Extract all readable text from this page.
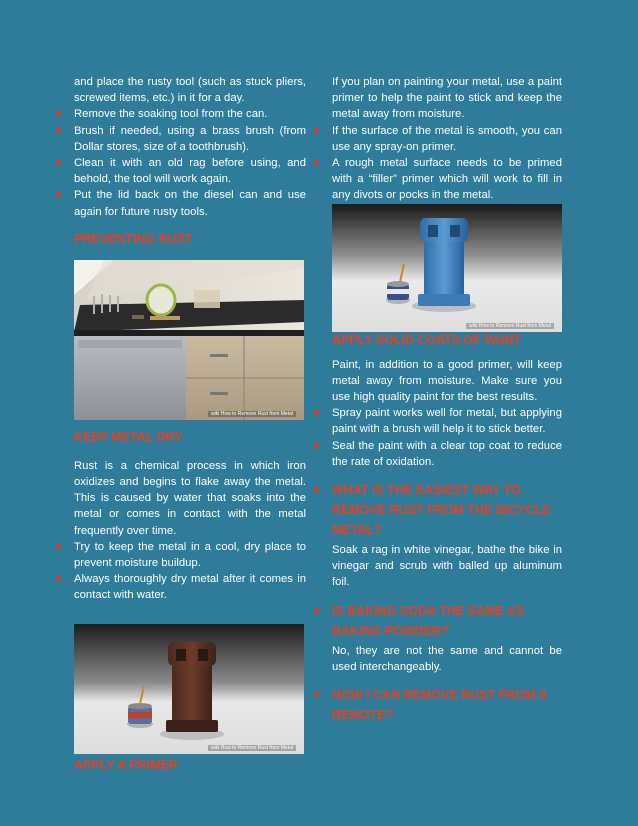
and place the rusty tool (such as stuck pliers, screwed items, etc.) in it for a day.

Remove the soaking tool from the can.
Brush if needed, using a brass brush (from Dollar stores, size of a toothbrush).
Clean it with an old rag before using, and behold, the tool will work again.
Put the lid back on the diesel can and use again for future rusty tools.
PREVENTING RUST
wiki How to Remove Rust from Metal
KEEP METAL DRY

Rust is a chemical process in which iron oxidizes and begins to flake away the metal. This is caused by water that soaks into the metal or comes in contact with the metal frequently over time.

Try to keep the metal in a cool, dry place to prevent moisture buildup.
Always thoroughly dry metal after it comes in contact with water.
wiki How to Remove Rust from Metal
APPLY A PRIMER

If you plan on painting your metal, use a paint primer to help the paint to stick and keep the metal away from moisture.

If the surface of the metal is smooth, you can use any spray-on primer.
A rough metal surface needs to be primed with a “filler” primer which will work to fill in any divots or pocks in the metal.
wiki How to Remove Rust from Metal
APPLY SOLID COATS OF PAINT

Paint, in addition to a good primer, will keep metal away from moisture. Make sure you use high quality paint for the best results.

Spray paint works well for metal, but applying paint with a brush will help it to stick better.
Seal the paint with a clear top coat to reduce the rate of oxidation.
WHAT IS THE EASIEST WAY TO REMOVE RUST FROM THE BICYCLE METAL?

Soak a rag in white vinegar, bathe the bike in vinegar and scrub with balled up aluminum foil.

IS BAKING SODA THE SAME AS BAKING POWDER?

No, they are not the same and cannot be used interchangeably.

HOW I CAN REMOVE RUST FROM A REMOTE?
